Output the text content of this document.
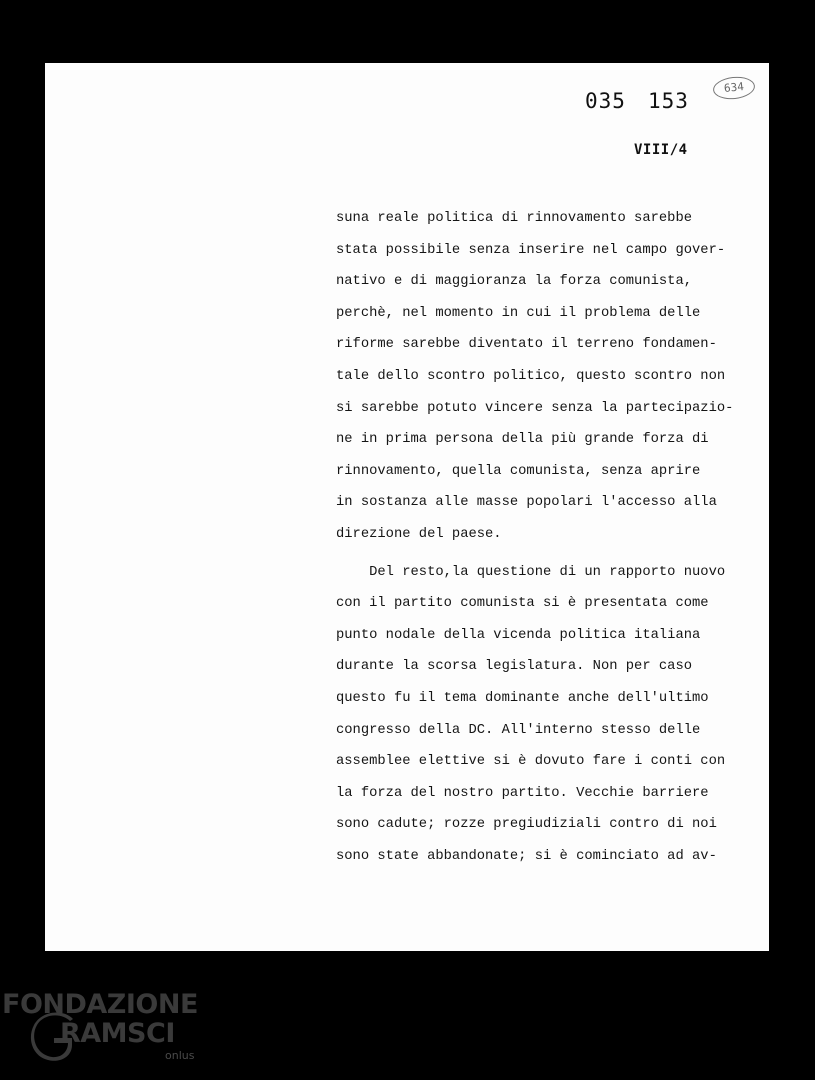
035 153
634
VIII/4
suna reale politica di rinnovamento sarebbe
stata possibile senza inserire nel campo gover-
nativo e di maggioranza la forza comunista,
perchè, nel momento in cui il problema delle
riforme sarebbe diventato il terreno fondamen-
tale dello scontro politico, questo scontro non
si sarebbe potuto vincere senza la partecipazio-
ne in prima persona della più grande forza di
rinnovamento, quella comunista, senza aprire
in sostanza alle masse popolari l'accesso alla
direzione del paese.
Del resto,la questione di un rapporto nuovo
con il partito comunista si è presentata come
punto nodale della vicenda politica italiana
durante la scorsa legislatura. Non per caso
questo fu il tema dominante anche dell'ultimo
congresso della DC. All'interno stesso delle
assemblee elettive si è dovuto fare i conti con
la forza del nostro partito. Vecchie barriere
sono cadute; rozze pregiudiziali contro di noi
sono state abbandonate; si è cominciato ad av-
FONDAZIONE
RAMSCI
onlus
